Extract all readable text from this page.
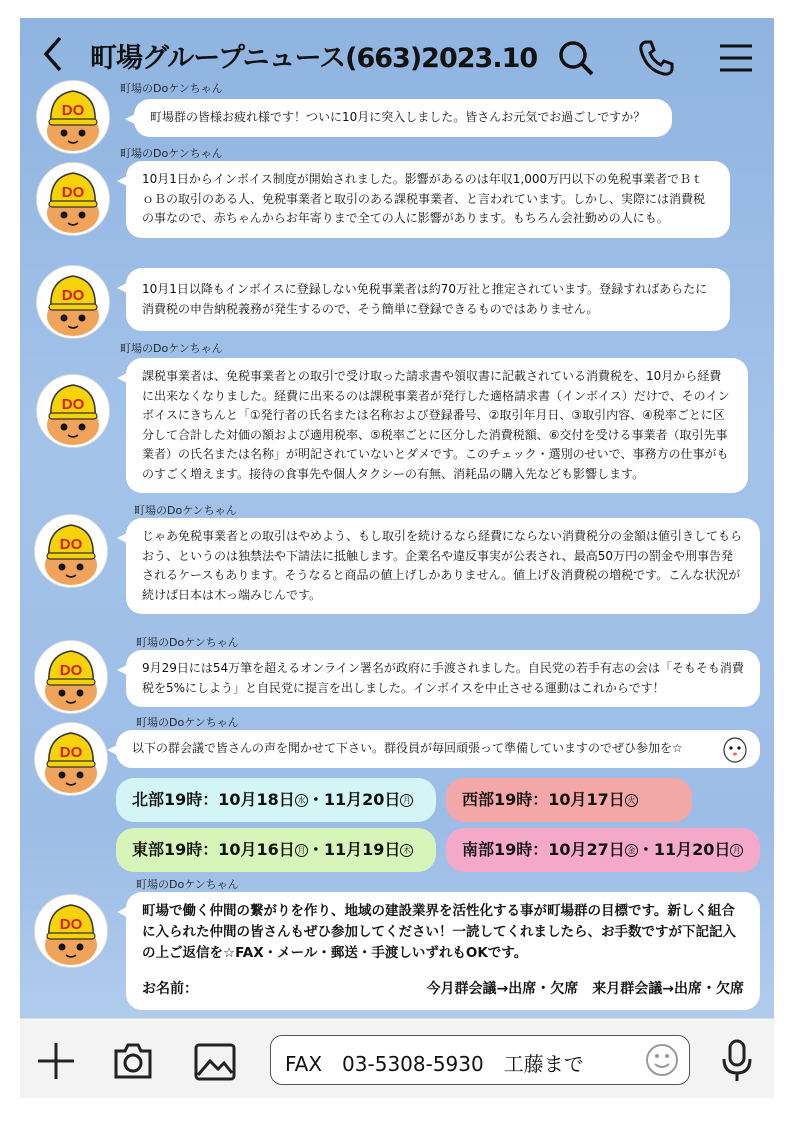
町場グループニュース(663)2023.10
町場のDoケンちゃん
DO	町場群の皆様お疲れ様です！ついに10月に突入しました。皆さんお元気でお過ごしですか？
町場のDoケンちゃん
DO
10月1日からインボイス制度が開始されました。影響があるのは年収1,000万円以下の免税事業者でＢｔｏＢの取引のある人、免税事業者と取引のある課税事業者、と言われています。しかし、実際には消費税の事なので、赤ちゃんからお年寄りまで全ての人に影響があります。もちろん会社勤めの人にも。
DO	10月1日以降もインボイスに登録しない免税事業者は約70万社と推定されています。登録すればあらたに消費税の申告納税義務が発生するので、そう簡単に登録できるものではありません。
町場のDoケンちゃん
DO
課税事業者は、免税事業者との取引で受け取った請求書や領収書に記載されている消費税を、10月から経費に出来なくなりました。経費に出来るのは課税事業者が発行した適格請求書（インボイス）だけで、そのインボイスにきちんと「①発行者の氏名または名称および登録番号、②取引年月日、③取引内容、④税率ごとに区分して合計した対価の額および適用税率、⑤税率ごとに区分した消費税額、⑥交付を受ける事業者（取引先事業者）の氏名または名称」が明記されていないとダメです。このチェック・選別のせいで、事務方の仕事がものすごく増えます。接待の食事先や個人タクシーの有無、消耗品の購入先なども影響します。
町場のDoケンちゃん
DO	じゃあ免税事業者との取引はやめよう、もし取引を続けるなら経費にならない消費税分の金額は値引きしてもらおう、というのは独禁法や下請法に抵触します。企業名や違反事実が公表され、最高50万円の罰金や刑事告発されるケースもあります。そうなると商品の値上げしかありません。値上げ＆消費税の増税です。こんな状況が続けば日本は木っ端みじんです。
町場のDoケンちゃん
DO	9月29日には54万筆を超えるオンライン署名が政府に手渡されました。自民党の若手有志の会は「そもそも消費税を5%にしよう」と自民党に提言を出しました。インボイスを中止させる運動はこれからです！
町場のDoケンちゃん
DO	以下の群会議で皆さんの声を聞かせて下さい。群役員が毎回頑張って準備していますのでぜひ参加を☆
北部19時：10月18日 水 ・11月20日 月	西部19時：10月17日 火
東部19時：10月16日 月 ・11月19日 木	南部19時：10月27日 金 ・11月20日 月
町場のDoケンちゃん
DO
町場で働く仲間の繋がりを作り、地域の建設業界を活性化する事が町場群の目標です。新しく組合に入られた仲間の皆さんもぜひ参加してください！一読してくれましたら、お手数ですが下記記入の上ご返信を☆FAX・メール・郵送・手渡しいずれもOKです。
お名前：	今月群会議→出席・欠席　 来月群会議→出席・欠席
FAX　03-5308-5930　工藤まで
